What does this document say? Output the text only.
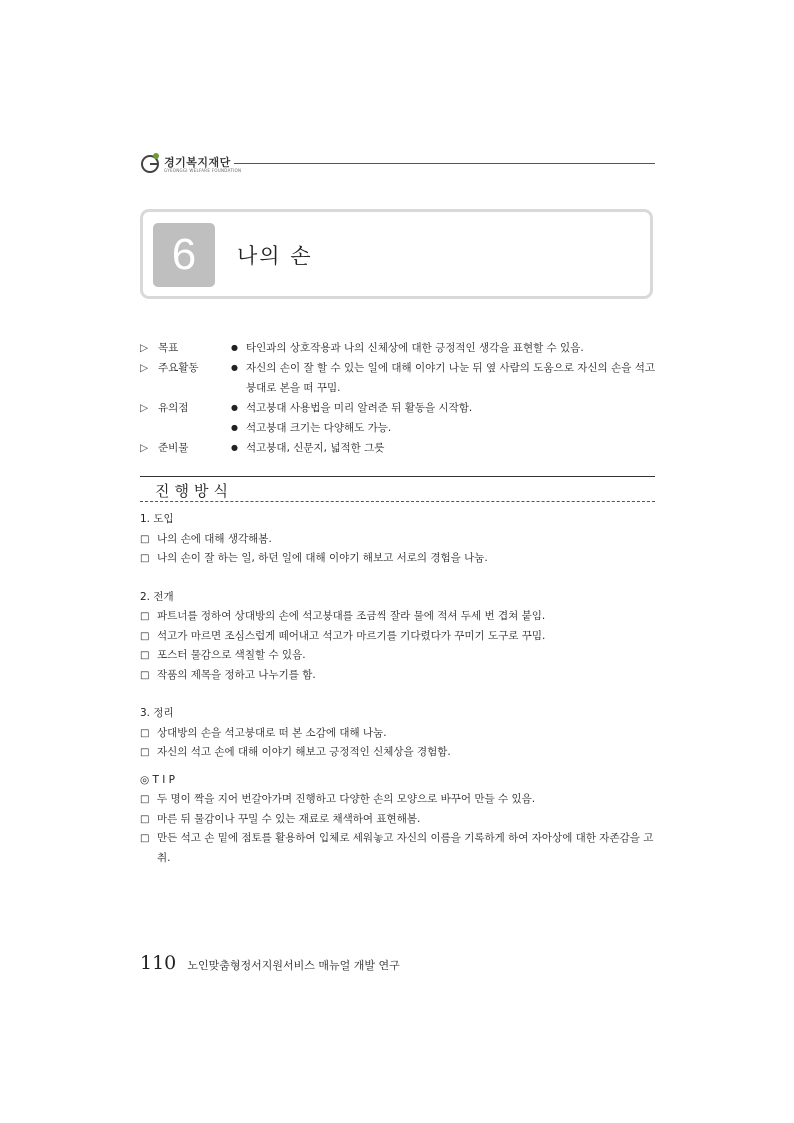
경기복지재단
GYEONGGI WELFARE FOUNDATION
6	나의 손
▷ 목표	● 타인과의 상호작용과 나의 신체상에 대한 긍정적인 생각을 표현할 수 있음.
▷ 주요활동	● 자신의 손이 잘 할 수 있는 일에 대해 이야기 나눈 뒤 옆 사람의 도움으로 자신의 손을 석고붕대로 본을 떠 꾸밈.
▷ 유의점	● 석고붕대 사용법을 미리 알려준 뒤 활동을 시작함.
● 석고붕대 크기는 다양해도 가능.
▷ 준비물	● 석고붕대, 신문지, 넓적한 그릇
진행방식
1. 도입
□ 나의 손에 대해 생각해봄.
□ 나의 손이 잘 하는 일, 하던 일에 대해 이야기 해보고 서로의 경험을 나눔.
2. 전개
□ 파트너를 정하여 상대방의 손에 석고붕대를 조금씩 잘라 물에 적셔 두세 번 겹쳐 붙임.
□ 석고가 마르면 조심스럽게 떼어내고 석고가 마르기를 기다렸다가 꾸미기 도구로 꾸밈.
□ 포스터 물감으로 색칠할 수 있음.
□ 작품의 제목을 정하고 나누기를 함.
3. 정리
□ 상대방의 손을 석고붕대로 떠 본 소감에 대해 나눔.
□ 자신의 석고 손에 대해 이야기 해보고 긍정적인 신체상을 경험함.
◎ T I P
□ 두 명이 짝을 지어 번갈아가며 진행하고 다양한 손의 모양으로 바꾸어 만들 수 있음.
□ 마른 뒤 물감이나 꾸밀 수 있는 재료로 채색하여 표현해봄.
□ 만든 석고 손 밑에 점토를 활용하여 입체로 세워놓고 자신의 이름을 기록하게 하여 자아상에 대한 자존감을 고취.
110 노인맞춤형정서지원서비스 매뉴얼 개발 연구
